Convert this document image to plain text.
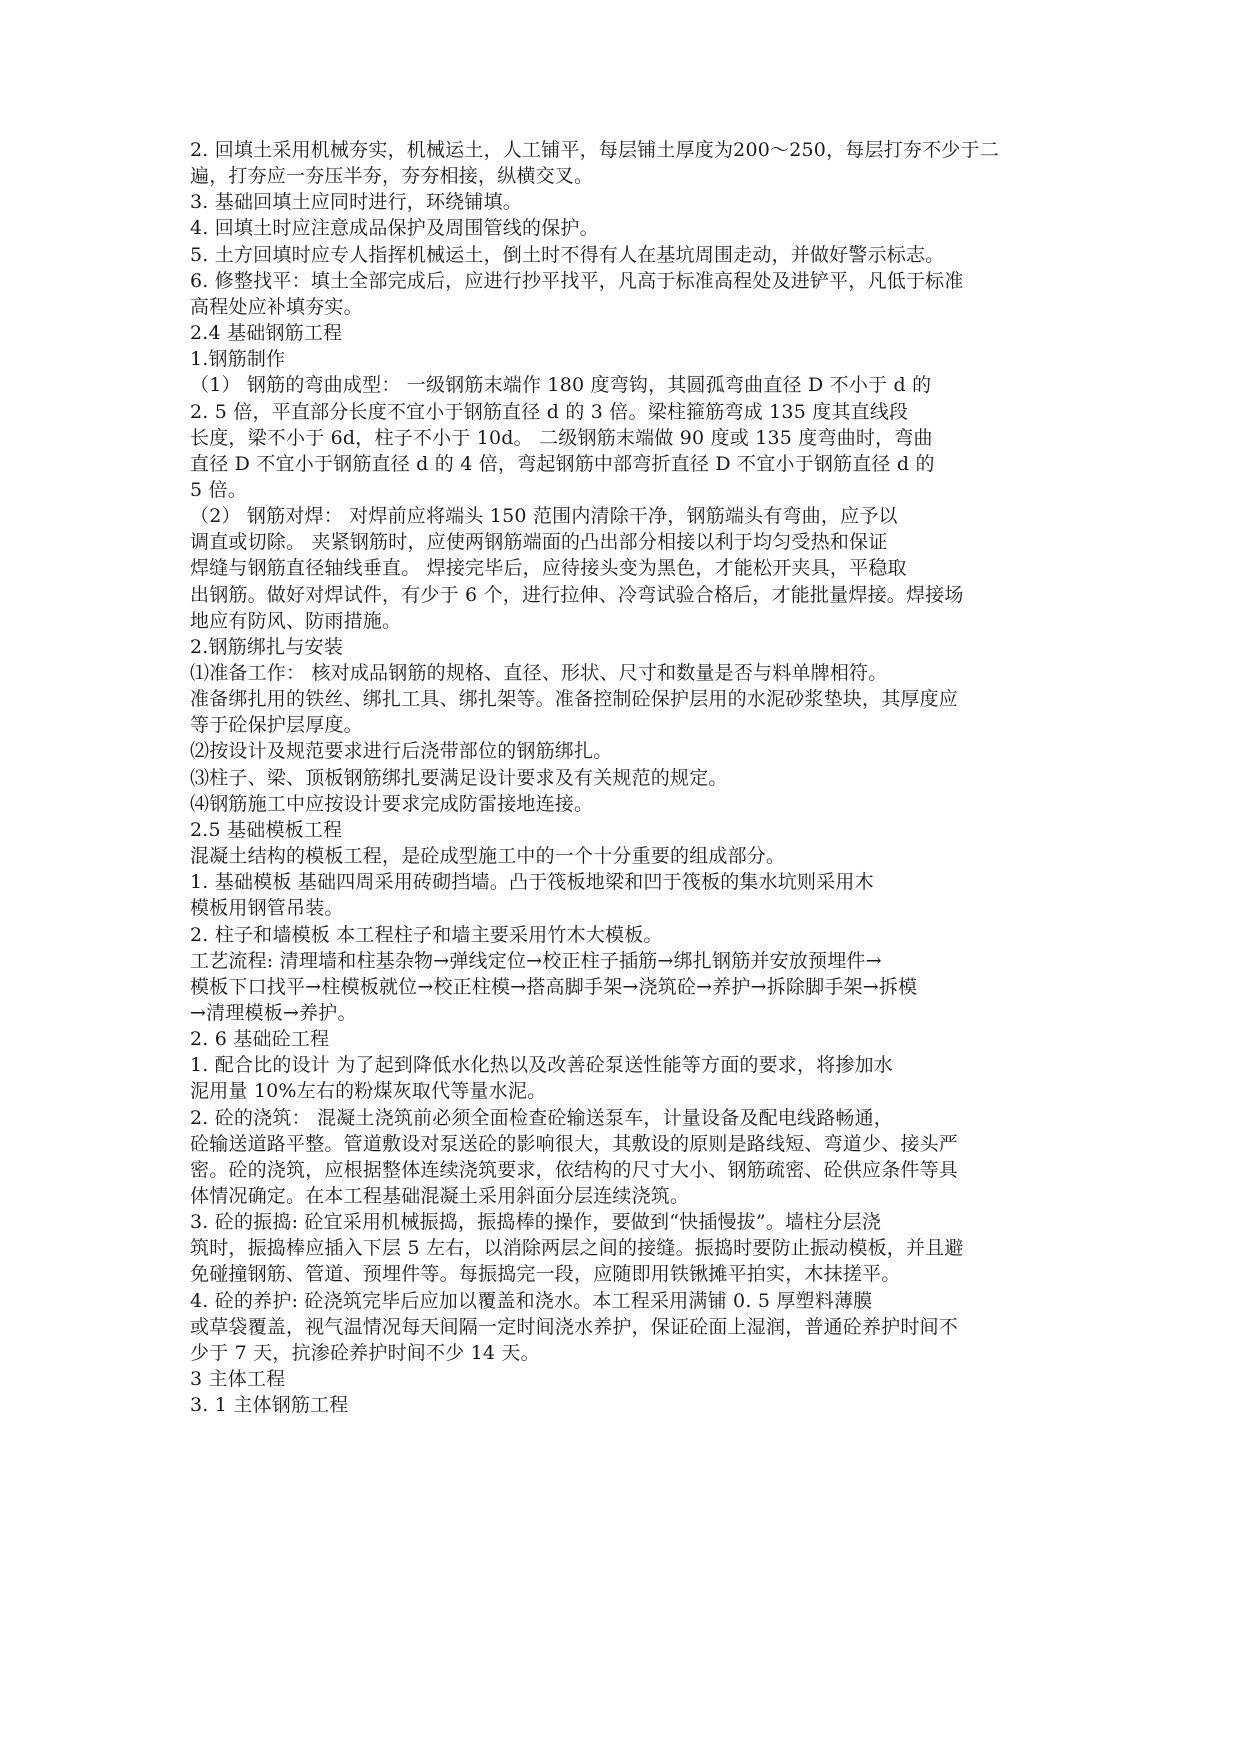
2. 回填土采用机械夯实，机械运土，人工铺平，每层铺土厚度为200～250，每层打夯不少于二
遍，打夯应一夯压半夯，夯夯相接，纵横交叉。
3. 基础回填土应同时进行，环绕铺填。
4. 回填土时应注意成品保护及周围管线的保护。
5. 土方回填时应专人指挥机械运土，倒土时不得有人在基坑周围走动，并做好警示标志。
6. 修整找平：填土全部完成后，应进行抄平找平，凡高于标准高程处及进铲平，凡低于标准
高程处应补填夯实。
2.4 基础钢筋工程
1.钢筋制作
（1） 钢筋的弯曲成型： 一级钢筋末端作 180 度弯钩，其圆孤弯曲直径 D 不小于 d 的
2. 5 倍，平直部分长度不宜小于钢筋直径 d 的 3 倍。梁柱箍筋弯成 135 度其直线段
长度，梁不小于 6d，柱子不小于 10d。 二级钢筋末端做 90 度或 135 度弯曲时，弯曲
直径 D 不宜小于钢筋直径 d 的 4 倍，弯起钢筋中部弯折直径 D 不宜小于钢筋直径 d 的
5 倍。
（2） 钢筋对焊： 对焊前应将端头 150 范围内清除干净，钢筋端头有弯曲，应予以
调直或切除。 夹紧钢筋时，应使两钢筋端面的凸出部分相接以利于均匀受热和保证
焊缝与钢筋直径轴线垂直。 焊接完毕后，应待接头变为黑色，才能松开夹具，平稳取
出钢筋。做好对焊试件，有少于 6 个，进行拉伸、冷弯试验合格后，才能批量焊接。焊接场
地应有防风、防雨措施。
2.钢筋绑扎与安装
⑴准备工作： 核对成品钢筋的规格、直径、形状、尺寸和数量是否与料单牌相符。
准备绑扎用的铁丝、绑扎工具、绑扎架等。准备控制砼保护层用的水泥砂浆垫块，其厚度应
等于砼保护层厚度。
⑵按设计及规范要求进行后浇带部位的钢筋绑扎。
⑶柱子、梁、顶板钢筋绑扎要满足设计要求及有关规范的规定。
⑷钢筋施工中应按设计要求完成防雷接地连接。
2.5 基础模板工程
混凝土结构的模板工程，是砼成型施工中的一个十分重要的组成部分。
1. 基础模板 基础四周采用砖砌挡墙。凸于筏板地梁和凹于筏板的集水坑则采用木
模板用钢管吊装。
2. 柱子和墙模板 本工程柱子和墙主要采用竹木大模板。
工艺流程: 清理墙和柱基杂物→弹线定位→校正柱子插筋→绑扎钢筋并安放预埋件→
模板下口找平→柱模板就位→校正柱模→搭高脚手架→浇筑砼→养护→拆除脚手架→拆模
→清理模板→养护。
2. 6 基础砼工程
1. 配合比的设计 为了起到降低水化热以及改善砼泵送性能等方面的要求，将掺加水
泥用量 10%左右的粉煤灰取代等量水泥。
2. 砼的浇筑： 混凝土浇筑前必须全面检查砼输送泵车，计量设备及配电线路畅通，
砼输送道路平整。管道敷设对泵送砼的影响很大，其敷设的原则是路线短、弯道少、接头严
密。砼的浇筑，应根据整体连续浇筑要求，依结构的尺寸大小、钢筋疏密、砼供应条件等具
体情况确定。在本工程基础混凝土采用斜面分层连续浇筑。
3. 砼的振捣: 砼宜采用机械振捣，振捣棒的操作，要做到“快插慢拔”。墙柱分层浇
筑时，振捣棒应插入下层 5 左右，以消除两层之间的接缝。振捣时要防止振动模板，并且避
免碰撞钢筋、管道、预埋件等。每振捣完一段，应随即用铁锹摊平拍实，木抹搓平。
4. 砼的养护: 砼浇筑完毕后应加以覆盖和浇水。本工程采用满铺 0. 5 厚塑料薄膜
或草袋覆盖，视气温情况每天间隔一定时间浇水养护，保证砼面上湿润，普通砼养护时间不
少于 7 天，抗渗砼养护时间不少 14 天。
3 主体工程
3. 1 主体钢筋工程
